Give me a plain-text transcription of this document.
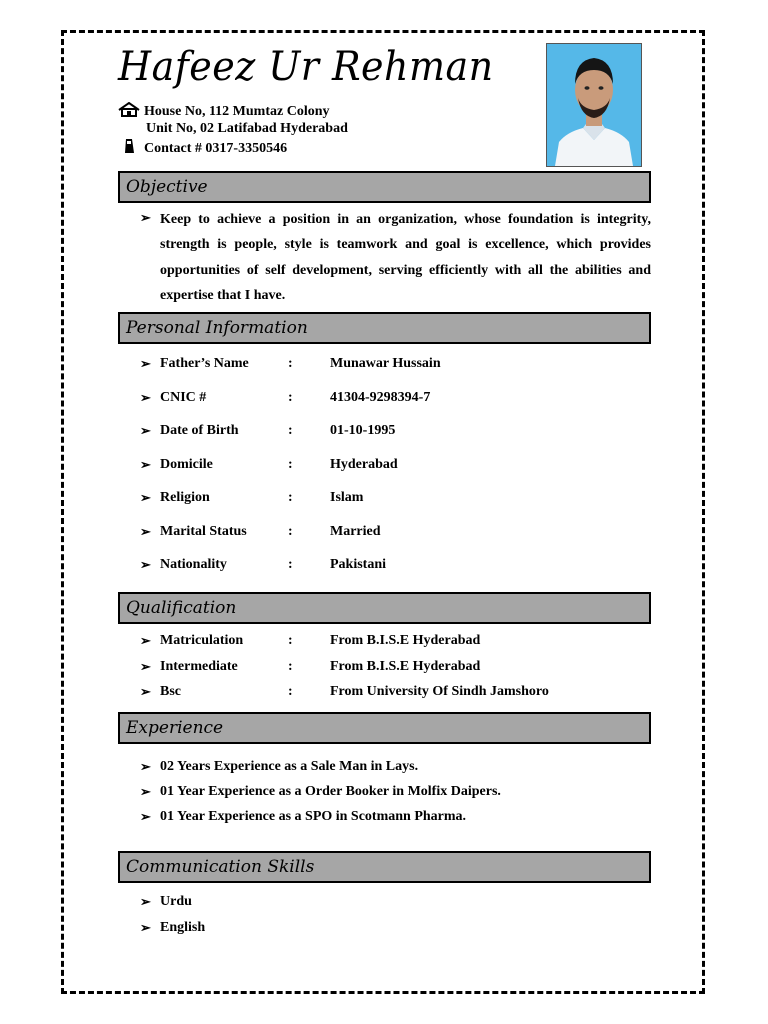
Hafeez Ur Rehman
House No, 112 Mumtaz Colony
Unit No, 02 Latifabad Hyderabad
Contact # 0317-3350546
Objective
➢ Keep to achieve a position in an organization, whose foundation is integrity, strength is people, style is teamwork and goal is excellence, which provides opportunities of self development, serving efficiently with all the abilities and expertise that I have.

Personal Information
➢ Father’s Name	:	Munawar Hussain
➢ CNIC #	:	41304-9298394-7
➢ Date of Birth	:	01-10-1995
➢ Domicile	:	Hyderabad
➢ Religion	:	Islam
➢ Marital Status	:	Married
➢ Nationality	:	Pakistani
Qualification
➢ Matriculation	:	From B.I.S.E Hyderabad
➢ Intermediate	:	From B.I.S.E Hyderabad
➢ Bsc	:	From University Of Sindh Jamshoro
Experience
➢ 02 Years Experience as a Sale Man in Lays.
➢ 01 Year Experience as a Order Booker in Molfix Daipers.
➢ 01 Year Experience as a SPO in Scotmann Pharma.
Communication Skills
➢ Urdu
➢ English
